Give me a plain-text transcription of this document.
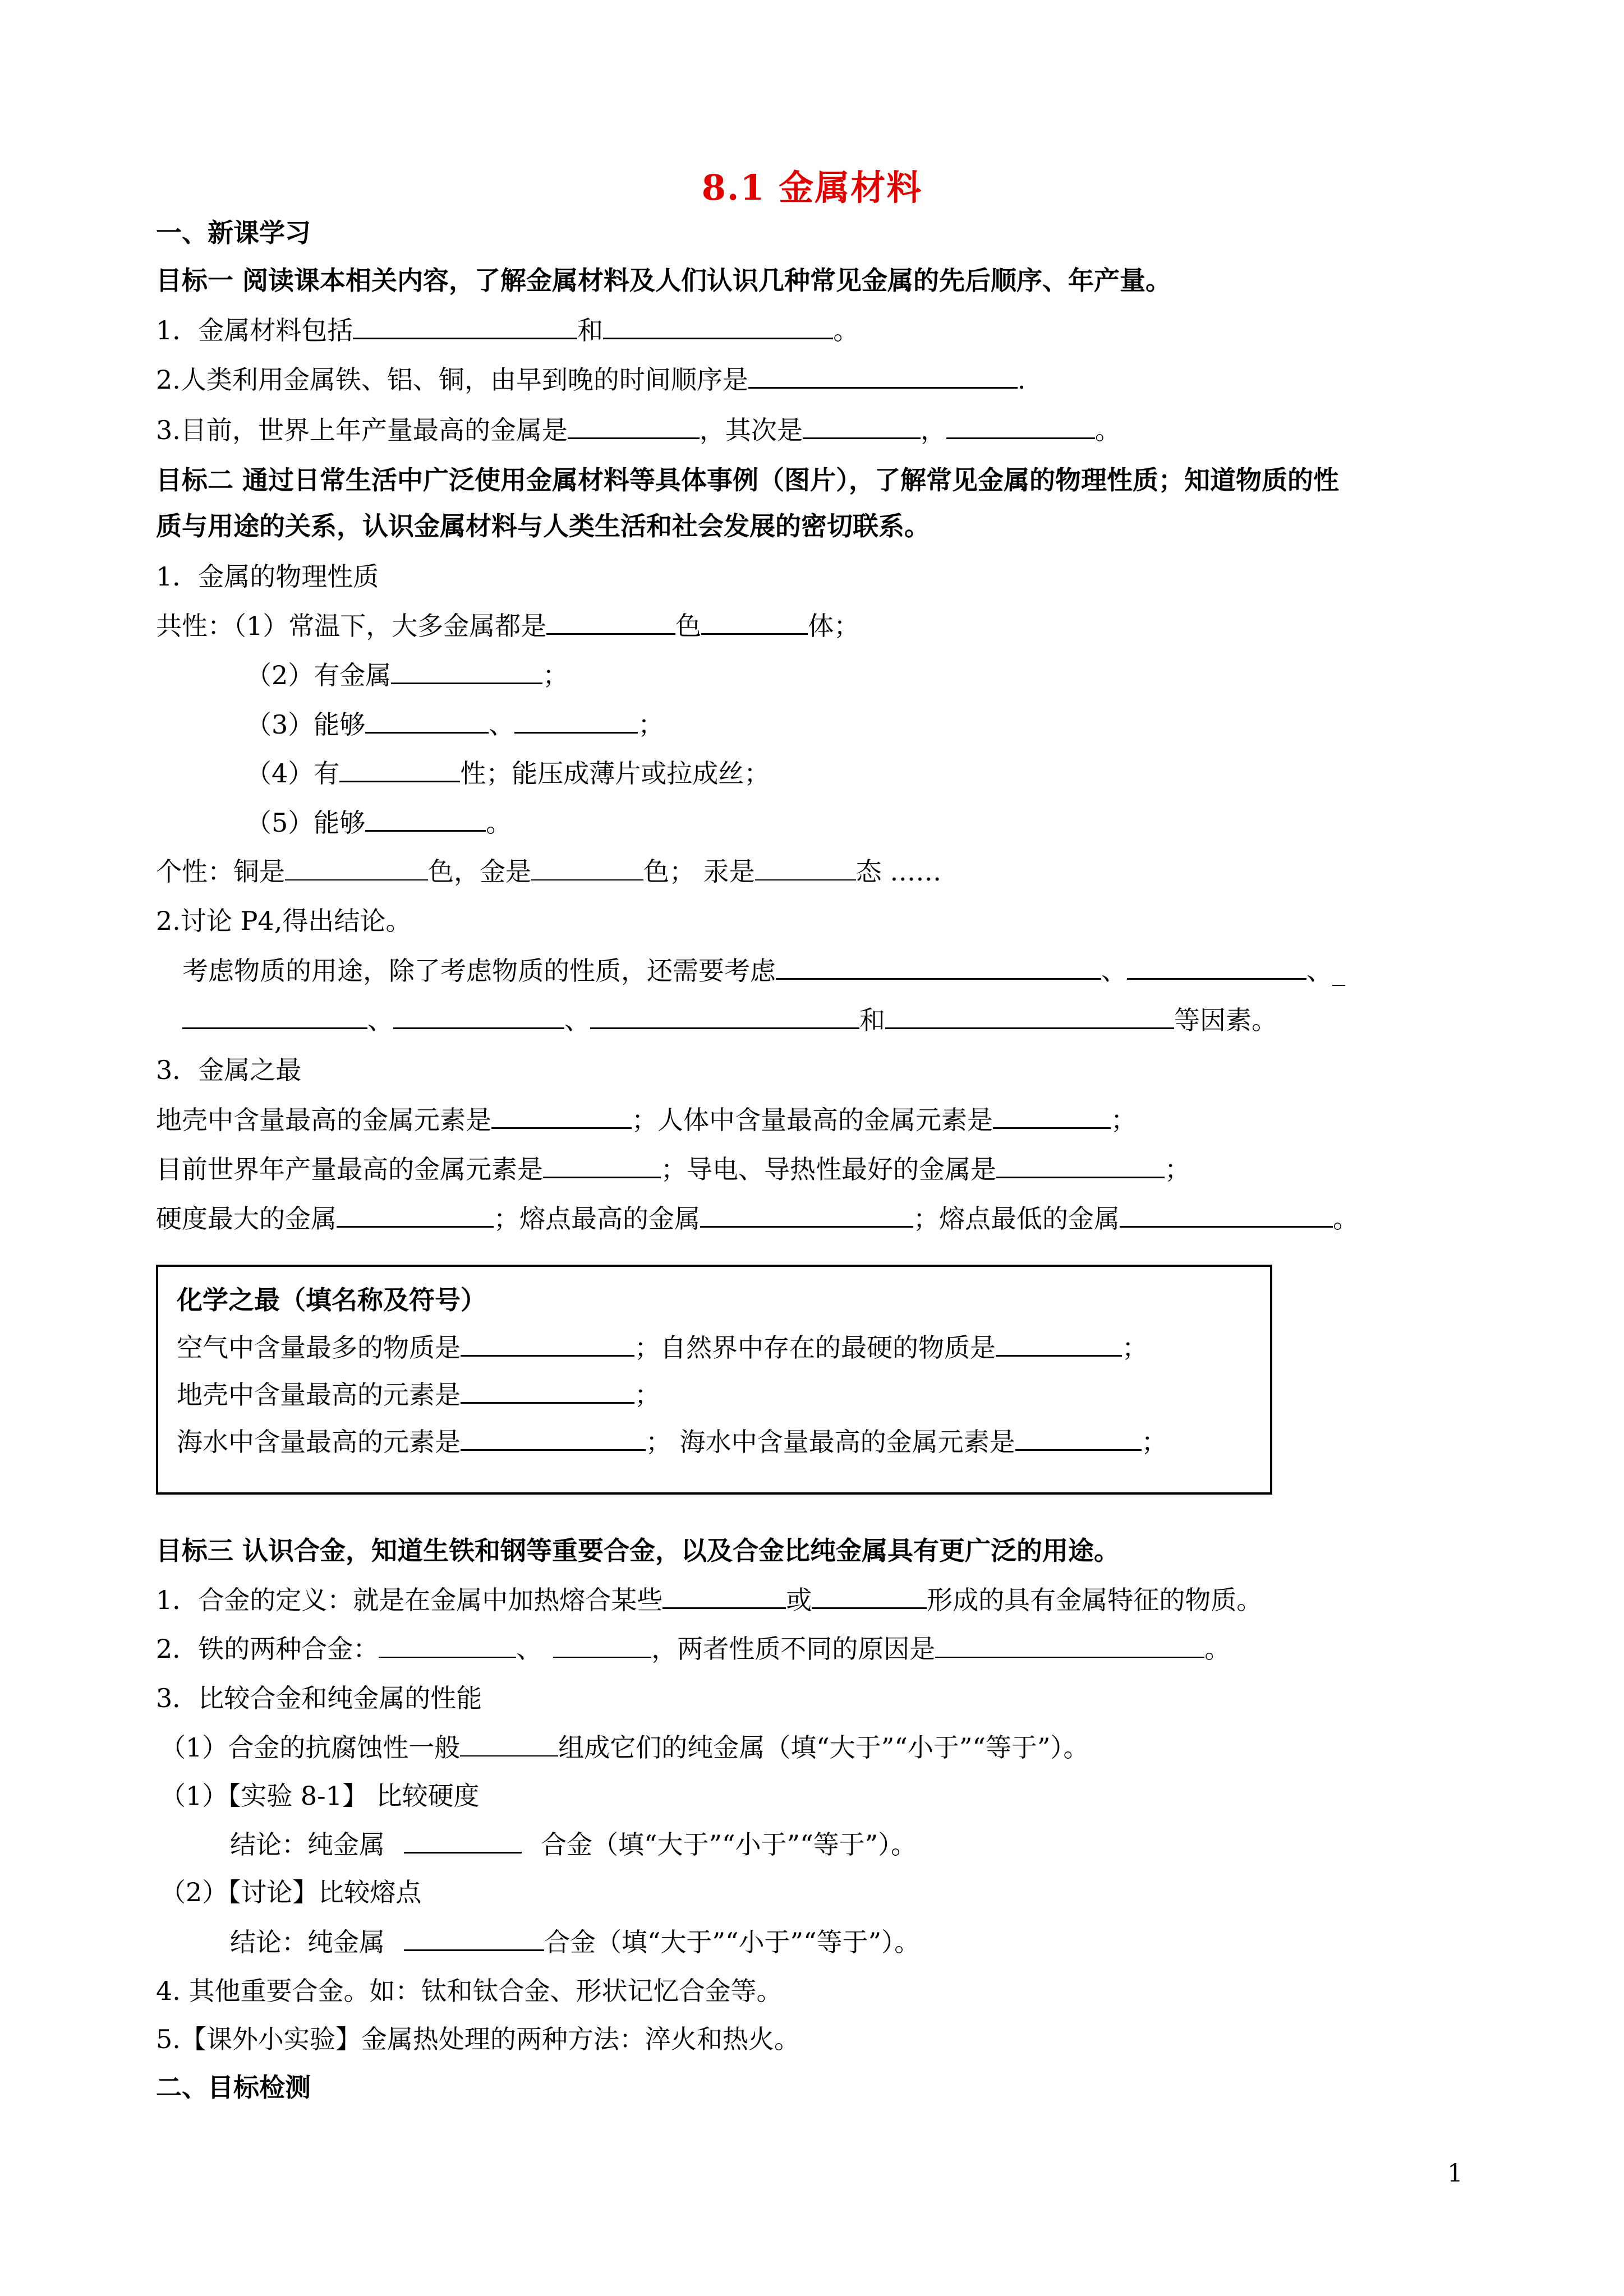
8.1 金属材料
一、新课学习
目标一 阅读课本相关内容，了解金属材料及人们认识几种常见金属的先后顺序、年产量。
1．金属材料包括	和	。
2.人类利用金属铁、铝、铜，由早到晚的时间顺序是	.
3.目前，世界上年产量最高的金属是	，其次是	，	。
目标二 通过日常生活中广泛使用金属材料等具体事例（图片），了解常见金属的物理性质；知道物质的性
质与用途的关系，认识金属材料与人类生活和社会发展的密切联系。
1．金属的物理性质
共性：（1）常温下，大多金属都是	色	体；
（2）有金属	；
（3）能够	、	；
（4）有	性；能压成薄片或拉成丝；
（5）能够	。
个性：铜是	色，金是	色； 汞是	态 ……
2.讨论 P4,得出结论。
考虑物质的用途，除了考虑物质的性质，还需要考虑	、	、_
、	、	和	等因素。
3．金属之最
地壳中含量最高的金属元素是	；人体中含量最高的金属元素是	；
目前世界年产量最高的金属元素是	；导电、导热性最好的金属是	；
硬度最大的金属	；熔点最高的金属	；熔点最低的金属	。
化学之最（填名称及符号）
空气中含量最多的物质是	；自然界中存在的最硬的物质是	；
地壳中含量最高的元素是	；
海水中含量最高的元素是	； 海水中含量最高的金属元素是	；
目标三 认识合金，知道生铁和钢等重要合金，以及合金比纯金属具有更广泛的用途。
1．合金的定义：就是在金属中加热熔合某些	或	形成的具有金属特征的物质。
2．铁的两种合金：	、	，两者性质不同的原因是	。
3．比较合金和纯金属的性能
（1）合金的抗腐蚀性一般	组成它们的纯金属（填“大于”“小于”“等于”）。
（1）【实验 8-1】 比较硬度
结论：纯金属	合金（填“大于”“小于”“等于”）。
（2）【讨论】比较熔点
结论：纯金属	合金（填“大于”“小于”“等于”）。
4. 其他重要合金。如：钛和钛合金、形状记忆合金等。
5.【课外小实验】金属热处理的两种方法：淬火和热火。
二、目标检测
1
